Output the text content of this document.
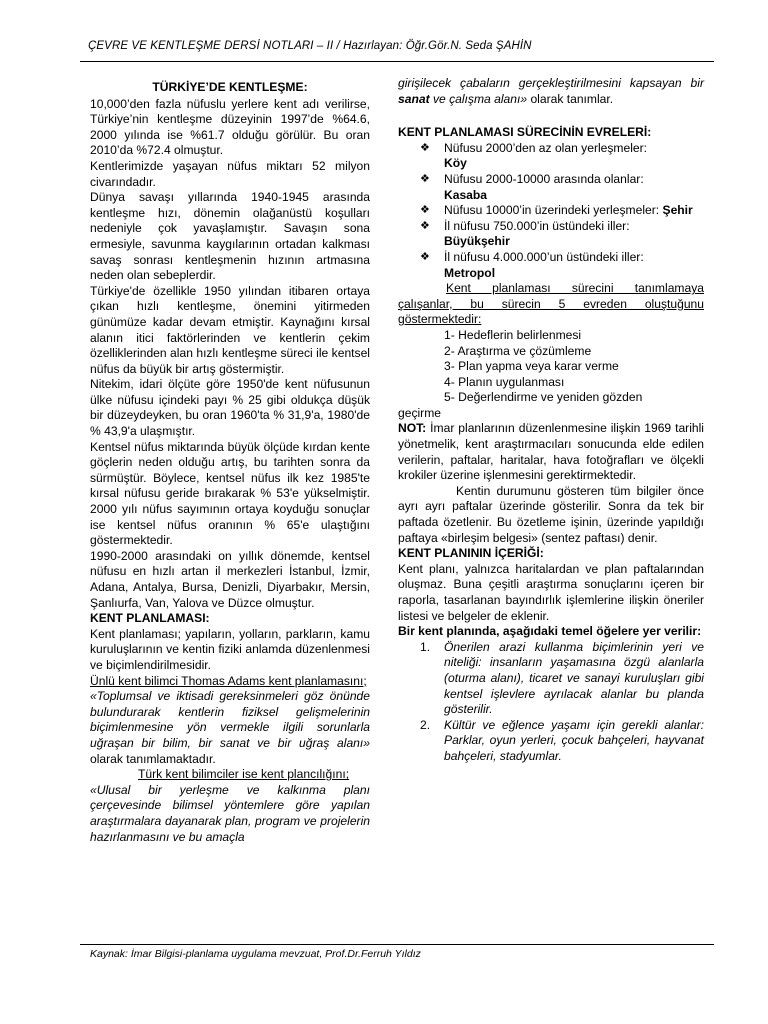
ÇEVRE VE KENTLEŞME DERSİ NOTLARI – II / Hazırlayan: Öğr.Gör.N. Seda ŞAHİN

TÜRKİYE’DE KENTLEŞME:

10,000’den fazla nüfuslu yerlere kent adı verilirse, Türkiye’nin kentleşme düzeyinin 1997’de %64.6, 2000 yılında ise %61.7 olduğu görülür. Bu oran 2010’da %72.4 olmuştur.

Kentlerimizde yaşayan nüfus miktarı 52 milyon civarındadır.

Dünya savaşı yıllarında 1940-1945 arasında kentleşme hızı, dönemin olağanüstü koşulları nedeniyle çok yavaşlamıştır. Savaşın sona ermesiyle, savunma kaygılarının ortadan kalkması savaş sonrası kentleşmenin hızının artmasına neden olan sebeplerdir.

Türkiye'de özellikle 1950 yılından itibaren ortaya çıkan hızlı kentleşme, önemini yitirmeden günümüze kadar devam etmiştir. Kaynağını kırsal alanın itici faktörlerinden ve kentlerin çekim özelliklerinden alan hızlı kentleşme süreci ile kentsel nüfus da büyük bir artış göstermiştir.

Nitekim, idari ölçüte göre 1950'de kent nüfusunun ülke nüfusu içindeki payı % 25 gibi oldukça düşük bir düzeydeyken, bu oran 1960'ta % 31,9'a, 1980'de % 43,9'a ulaşmıştır.

Kentsel nüfus miktarında büyük ölçüde kırdan kente göçlerin neden olduğu artış, bu tarihten sonra da sürmüştür. Böylece, kentsel nüfus ilk kez 1985'te kırsal nüfusu geride bırakarak % 53'e yükselmiştir. 2000 yılı nüfus sayımının ortaya koyduğu sonuçlar ise kentsel nüfus oranının % 65'e ulaştığını göstermektedir.

1990-2000 arasındaki on yıllık dönemde, kentsel nüfusu en hızlı artan il merkezleri İstanbul, İzmir, Adana, Antalya, Bursa, Denizli, Diyarbakır, Mersin, Şanlıurfa, Van, Yalova ve Düzce olmuştur.

KENT PLANLAMASI:

Kent planlaması; yapıların, yolların, parkların, kamu kuruluşlarının ve kentin fiziki anlamda düzenlenmesi ve biçimlendirilmesidir.

Ünlü kent bilimci Thomas Adams kent planlamasını;

«Toplumsal ve iktisadi gereksinmeleri göz önünde bulundurarak kentlerin fiziksel gelişmelerinin biçimlenmesine yön vermekle ilgili sorunlarla uğraşan bir bilim, bir sanat ve bir uğraş alanı» olarak tanımlamaktadır.

Türk kent bilimciler ise kent plancılığını;

«Ulusal bir yerleşme ve kalkınma planı çerçevesinde bilimsel yöntemlere göre yapılan araştırmalara dayanarak plan, program ve projelerin hazırlanmasını ve bu amaçla

girişilecek çabaların gerçekleştirilmesini kapsayan bir sanat ve çalışma alanı» olarak tanımlar.

KENT PLANLAMASI SÜRECİNİN EVRELERİ:

❖	Nüfusu 2000’den az olan yerleşmeler:
Köy
❖	Nüfusu 2000-10000 arasında olanlar:
Kasaba
❖	Nüfusu 10000’in üzerindeki yerleşmeler: Şehir
❖	İl nüfusu 750.000’in üstündeki iller:
Büyükşehir
❖	İl nüfusu 4.000.000’un üstündeki iller:
Metropol

Kent planlaması sürecini tanımlamaya çalışanlar, bu sürecin 5 evreden oluştuğunu göstermektedir:

1- Hedeflerin belirlenmesi

2- Araştırma ve çözümleme

3- Plan yapma veya karar verme

4- Planın uygulanması

5- Değerlendirme ve yeniden gözden

geçirme

NOT: İmar planlarının düzenlenmesine ilişkin 1969 tarihli yönetmelik, kent araştırmacıları sonucunda elde edilen verilerin, paftalar, haritalar, hava fotoğrafları ve ölçekli krokiler üzerine işlenmesini gerektirmektedir.

Kentin durumunu gösteren tüm bilgiler önce ayrı ayrı paftalar üzerinde gösterilir. Sonra da tek bir paftada özetlenir. Bu özetleme işinin, üzerinde yapıldığı paftaya «birleşim belgesi» (sentez paftası) denir.

KENT PLANININ İÇERİĞİ:

Kent planı, yalnızca haritalardan ve plan paftalarından oluşmaz. Buna çeşitli araştırma sonuçlarını içeren bir raporla, tasarlanan bayındırlık işlemlerine ilişkin öneriler listesi ve belgeler de eklenir.

Bir kent planında, aşağıdaki temel öğelere yer verilir:

1.	Önerilen arazi kullanma biçimlerinin yeri ve niteliği: insanların yaşamasına özgü alanlarla (oturma alanı), ticaret ve sanayi kuruluşları gibi kentsel işlevlere ayrılacak alanlar bu planda gösterilir.
2.	Kültür ve eğlence yaşamı için gerekli alanlar: Parklar, oyun yerleri, çocuk bahçeleri, hayvanat bahçeleri, stadyumlar.
Kaynak: İmar Bilgisi-planlama uygulama mevzuat, Prof.Dr.Ferruh Yıldız
